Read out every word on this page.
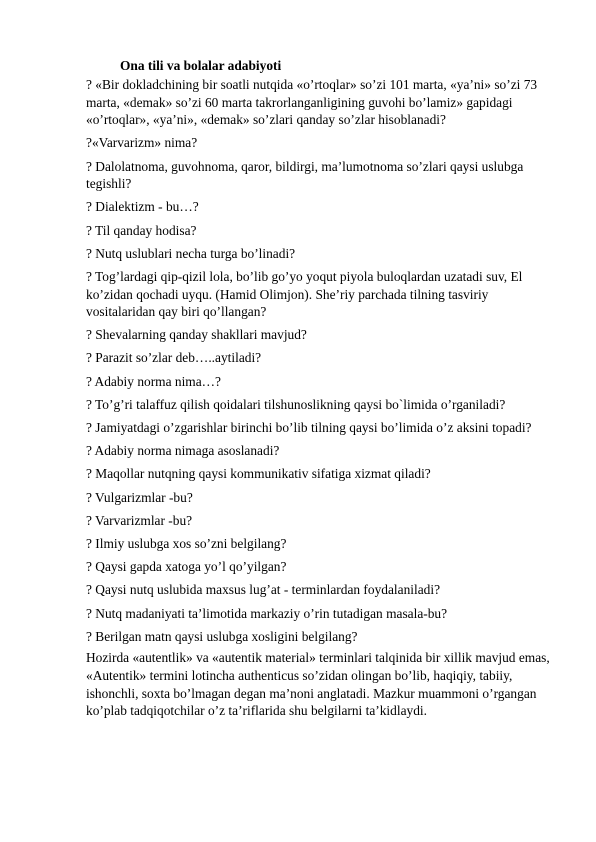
Ona tili va bolalar adabiyoti

? «Bir dokladchining bir soatli nutqida «o’rtoqlar» so’zi 101 marta, «ya’ni» so’zi 73 marta, «demak» so’zi 60 marta takrorlanganligining guvohi bo’lamiz» gapidagi «o’rtoqlar», «ya’ni», «demak» so’zlari qanday so’zlar hisoblanadi?

?«Varvarizm» nima?

? Dalolatnoma, guvohnoma, qaror, bildirgi, ma’lumotnoma so’zlari qaysi uslubga tegishli?

? Dialektizm - bu…?

? Til qanday hodisa?

? Nutq uslublari necha turga bo’linadi?

? Tog’lardagi qip-qizil lola, bo’lib go’yo yoqut piyola buloqlardan uzatadi suv, El ko’zidan qochadi uyqu. (Hamid Olimjon). She’riy parchada tilning tasviriy vositalaridan qay biri qo’llangan?

? Shevalarning qanday shakllari mavjud?

? Parazit so’zlar deb…..aytiladi?

? Adabiy norma nima…?

? To’g’ri talaffuz qilish qoidalari tilshunoslikning qaysi bo`limida o’rganiladi?

? Jamiyatdagi o’zgarishlar birinchi bo’lib tilning qaysi bo’limida o’z aksini topadi?

? Adabiy norma nimaga asoslanadi?

? Maqollar nutqning qaysi kommunikativ sifatiga xizmat qiladi?

? Vulgarizmlar -bu?

? Varvarizmlar -bu?

? Ilmiy uslubga xos so’zni belgilang?

? Qaysi gapda xatoga yo’l qo’yilgan?

? Qaysi nutq uslubida maxsus lug’at - terminlardan foydalaniladi?

? Nutq madaniyati ta’limotida markaziy o’rin tutadigan masala-bu?

? Berilgan matn qaysi uslubga xosligini belgilang?

Hozirda «autentlik» va «autentik material» terminlari talqinida bir xillik mavjud emas, «Autentik» termini lotincha authenticus so’zidan olingan bo’lib, haqiqiy, tabiiy, ishonchli, soxta bo’lmagan degan ma’noni anglatadi. Mazkur muammoni o’rgangan ko’plab tadqiqotchilar o’z ta’riflarida shu belgilarni ta’kidlaydi.
